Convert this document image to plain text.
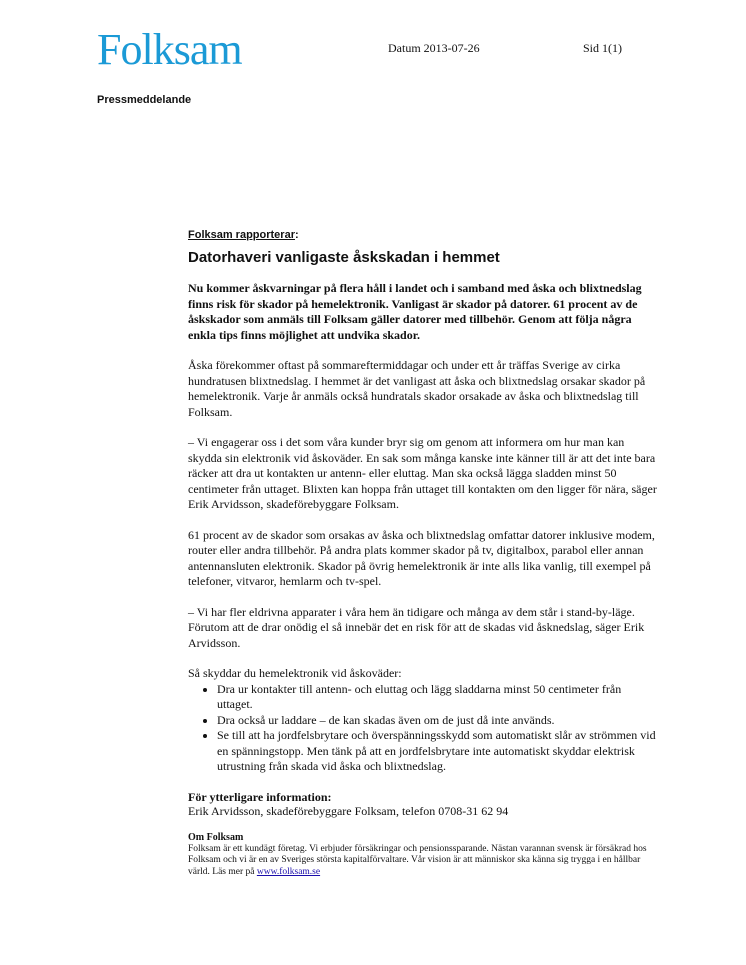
Folksam	Datum 2013-07-26	Sid 1(1)
Pressmeddelande

Folksam rapporterar:

Datorhaveri vanligaste åskskadan i hemmet

Nu kommer åskvarningar på flera håll i landet och i samband med åska och blixtnedslag finns risk för skador på hemelektronik. Vanligast är skador på datorer. 61 procent av de åskskador som anmäls till Folksam gäller datorer med tillbehör. Genom att följa några enkla tips finns möjlighet att undvika skador.

Åska förekommer oftast på sommareftermiddagar och under ett år träffas Sverige av cirka hundratusen blixtnedslag. I hemmet är det vanligast att åska och blixtnedslag orsakar skador på hemelektronik. Varje år anmäls också hundratals skador orsakade av åska och blixtnedslag till Folksam.

– Vi engagerar oss i det som våra kunder bryr sig om genom att informera om hur man kan skydda sin elektronik vid åskoväder. En sak som många kanske inte känner till är att det inte bara räcker att dra ut kontakten ur antenn- eller eluttag. Man ska också lägga sladden minst 50 centimeter från uttaget. Blixten kan hoppa från uttaget till kontakten om den ligger för nära, säger Erik Arvidsson, skadeförebyggare Folksam.

61 procent av de skador som orsakas av åska och blixtnedslag omfattar datorer inklusive modem, router eller andra tillbehör. På andra plats kommer skador på tv, digitalbox, parabol eller annan antennansluten elektronik. Skador på övrig hemelektronik är inte alls lika vanlig, till exempel på telefoner, vitvaror, hemlarm och tv-spel.

– Vi har fler eldrivna apparater i våra hem än tidigare och många av dem står i stand-by-läge. Förutom att de drar onödig el så innebär det en risk för att de skadas vid åsknedslag, säger Erik Arvidsson.

Så skyddar du hemelektronik vid åskoväder:

• Dra ur kontakter till antenn- och eluttag och lägg sladdarna minst 50 centimeter från uttaget.
• Dra också ur laddare – de kan skadas även om de just då inte används.
• Se till att ha jordfelsbrytare och överspänningsskydd som automatiskt slår av strömmen vid en spänningstopp. Men tänk på att en jordfelsbrytare inte automatiskt skyddar elektrisk utrustning från skada vid åska och blixtnedslag.

För ytterligare information:

Erik Arvidsson, skadeförebyggare Folksam, telefon 0708-31 62 94

Om Folksam

Folksam är ett kundägt företag. Vi erbjuder försäkringar och pensionssparande. Nästan varannan svensk är försäkrad hos Folksam och vi är en av Sveriges största kapitalförvaltare. Vår vision är att människor ska känna sig trygga i en hållbar värld. Läs mer på www.folksam.se
